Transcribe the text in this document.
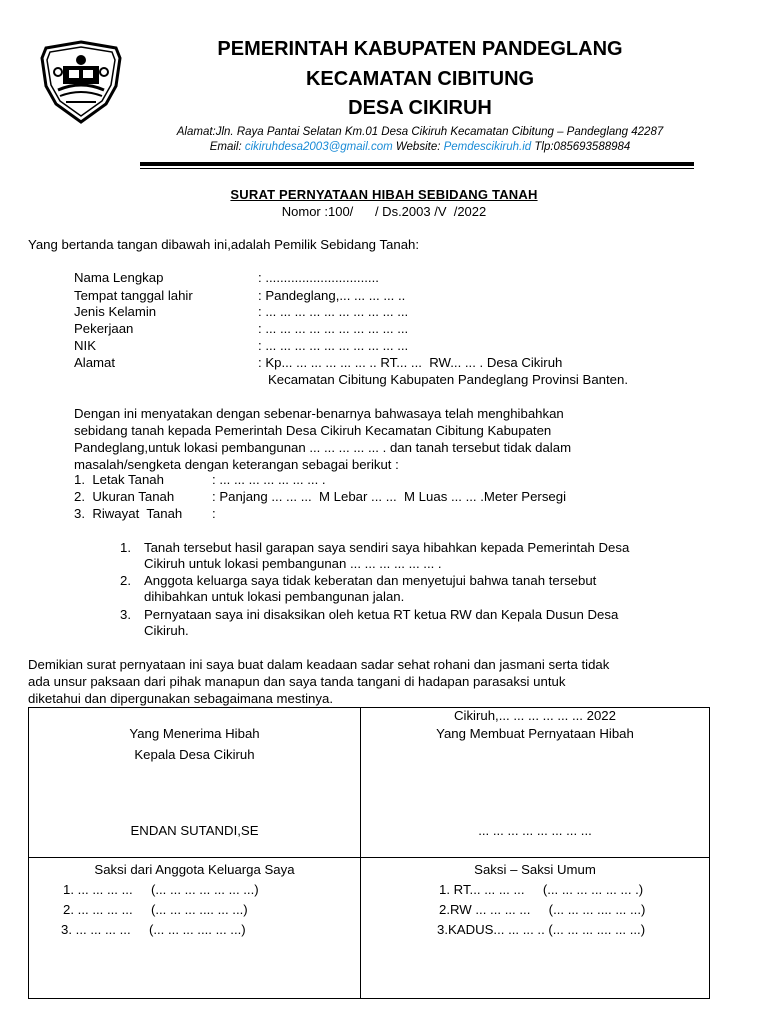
PEMERINTAH KABUPATEN PANDEGLANG
KECAMATAN CIBITUNG
DESA CIKIRUH
Alamat:Jln. Raya Pantai Selatan Km.01 Desa Cikiruh Kecamatan Cibitung – Pandeglang 42287
Email: cikiruhdesa2003@gmail.com Website: Pemdescikiruh.id Tlp:085693588984
SURAT PERNYATAAN HIBAH SEBIDANG TANAH
Nomor :100/      / Ds.2003 /V  /2022
Yang bertanda tangan dibawah ini,adalah Pemilik Sebidang Tanah:
Nama Lengkap	: ...............................
Tempat tanggal lahir	: Pandeglang,... ... ... ... ..
Jenis Kelamin	: ... ... ... ... ... ... ... ... ... ...
Pekerjaan	: ... ... ... ... ... ... ... ... ... ...
NIK	: ... ... ... ... ... ... ... ... ... ...
Alamat	: Kp... ... ... ... ... ... .. RT... ...  RW... ... . Desa Cikiruh
Kecamatan Cibitung Kabupaten Pandeglang Provinsi Banten.
Dengan ini menyatakan dengan sebenar-benarnya bahwasaya telah menghibahkan
sebidang tanah kepada Pemerintah Desa Cikiruh Kecamatan Cibitung Kabupaten
Pandeglang,untuk lokasi pembangunan ... ... ... ... ... . dan tanah tersebut tidak dalam
masalah/sengketa dengan keterangan sebagai berikut :
1.  Letak Tanah	: ... ... ... ... ... ... ... .
2.  Ukuran Tanah	: Panjang ... ... ...  M Lebar ... ...  M Luas ... ... .Meter Persegi
3.  Riwayat  Tanah :
1. Tanah tersebut hasil garapan saya sendiri saya hibahkan kepada Pemerintah Desa
Cikiruh untuk lokasi pembangunan ... ... ... ... ... ... .
2. Anggota keluarga saya tidak keberatan dan menyetujui bahwa tanah tersebut
dihibahkan untuk lokasi pembangunan jalan.
3. Pernyataan saya ini disaksikan oleh ketua RT ketua RW dan Kepala Dusun Desa
Cikiruh.
Demikian surat pernyataan ini saya buat dalam keadaan sadar sehat rohani dan jasmani serta tidak
ada unsur paksaan dari pihak manapun dan saya tanda tangani di hadapan parasaksi untuk
diketahui dan dipergunakan sebagaimana mestinya.
Yang Menerima Hibah
Kepala Desa Cikiruh
ENDAN SUTANDI,SE
Cikiruh,... ... ... ... ... ... 2022
Yang Membuat Pernyataan Hibah
... ... ... ... ... ... ... ...
Saksi dari Anggota Keluarga Saya
1. ... ... ... ...     (... ... ... ... ... ... ...)
2. ... ... ... ...     (... ... ... .... ... ...)
3. ... ... ... ...     (... ... ... .... ... ...)
Saksi – Saksi Umum
1. RT... ... ... ...     (... ... ... ... ... ... .)
2.RW ... ... ... ...     (... ... ... .... ... ...)
3.KADUS... ... ... .. (... ... ... .... ... ...)
